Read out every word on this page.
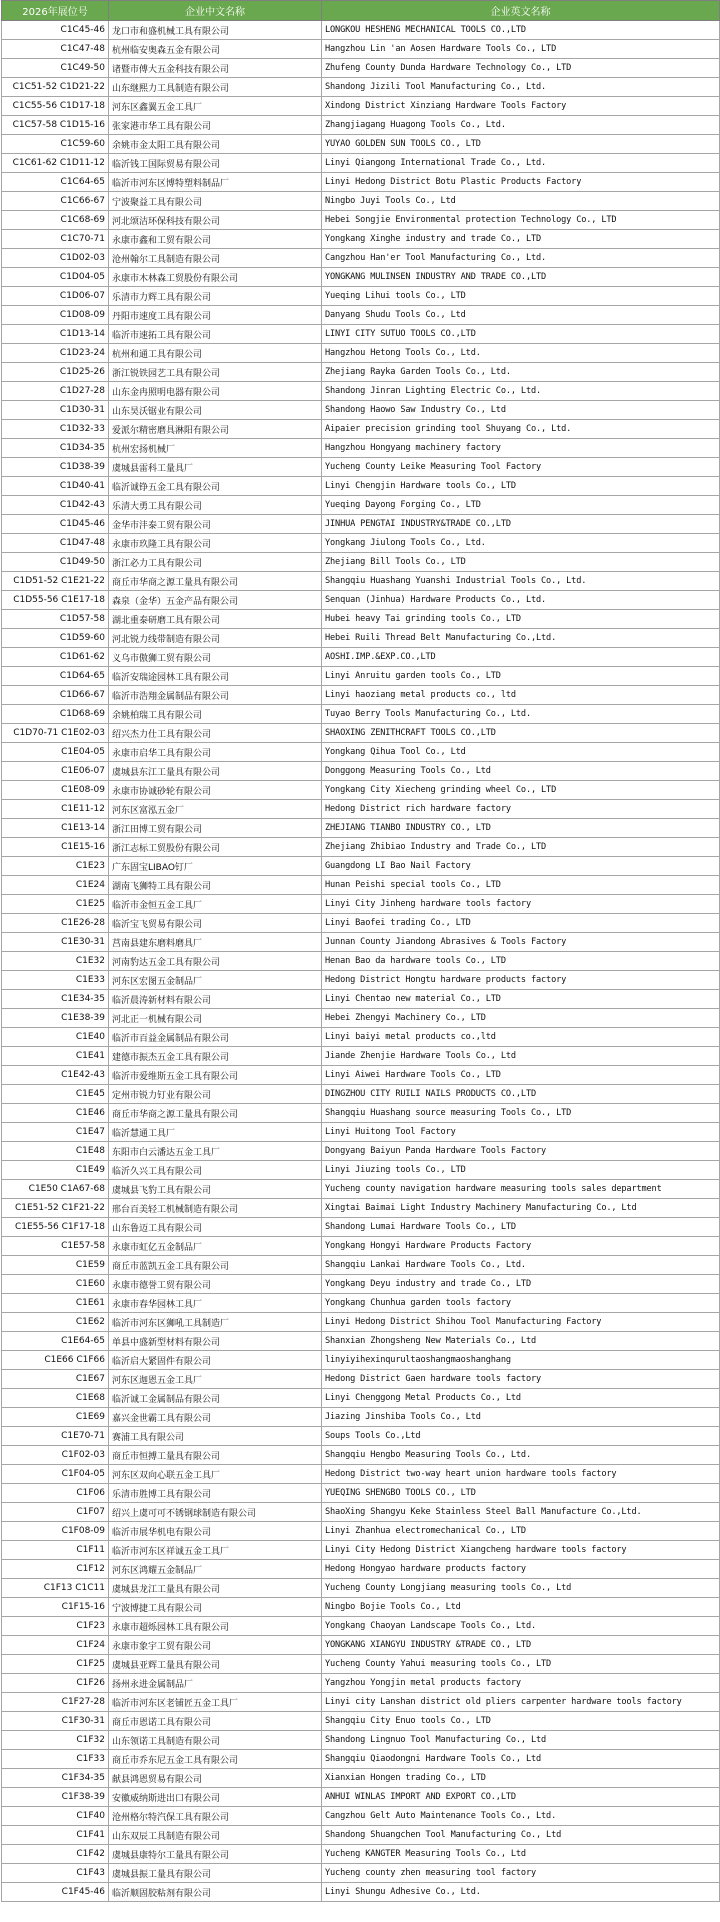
2026年展位号	企业中文名称	企业英文名称
C1C45-46	龙口市和盛机械工具有限公司	LONGKOU HESHENG MECHANICAL TOOLS CO.,LTD
C1C47-48	杭州临安奥森五金有限公司	Hangzhou Lin 'an Aosen Hardware Tools Co., LTD
C1C49-50	诸暨市傅大五金科技有限公司	Zhufeng County Dunda Hardware Technology Co., LTD
C1C51-52 C1D21-22	山东继熙力工具制造有限公司	Shandong Jizili Tool Manufacturing Co., Ltd.
C1C55-56 C1D17-18	河东区鑫翼五金工具厂	Xindong District Xinziang Hardware Tools Factory
C1C57-58 C1D15-16	张家港市华工具有限公司	Zhangjiagang Huagong Tools Co., Ltd.
C1C59-60	余姚市金太阳工具有限公司	YUYAO GOLDEN SUN TOOLS CO., LTD
C1C61-62 C1D11-12	临沂钱工国际贸易有限公司	Linyi Qiangong International Trade Co., Ltd.
C1C64-65	临沂市河东区博特塑料制品厂	Linyi Hedong District Botu Plastic Products Factory
C1C66-67	宁波聚益工具有限公司	Ningbo Juyi Tools Co., Ltd
C1C68-69	河北颂洁环保科技有限公司	Hebei Songjie Environmental protection Technology Co., LTD
C1C70-71	永康市鑫和工贸有限公司	Yongkang Xinghe industry and trade Co., LTD
C1D02-03	沧州翰尔工具制造有限公司	Cangzhou Han'er Tool Manufacturing Co., Ltd.
C1D04-05	永康市木林森工贸股份有限公司	YONGKANG MULINSEN INDUSTRY AND TRADE CO.,LTD
C1D06-07	乐清市力辉工具有限公司	Yueqing Lihui tools Co., LTD
C1D08-09	丹阳市速度工具有限公司	Danyang Shudu Tools Co., Ltd
C1D13-14	临沂市速拓工具有限公司	LINYI CITY SUTUO TOOLS CO.,LTD
C1D23-24	杭州和通工具有限公司	Hangzhou Hetong Tools Co., Ltd.
C1D25-26	浙江锐铁园艺工具有限公司	Zhejiang Rayka Garden Tools Co., Ltd.
C1D27-28	山东金冉照明电器有限公司	Shandong Jinran Lighting Electric Co., Ltd.
C1D30-31	山东昊沃锯业有限公司	Shandong Haowo Saw Industry Co., Ltd
C1D32-33	爱派尔精密磨具淋阳有限公司	Aipaier precision grinding tool Shuyang Co., Ltd.
C1D34-35	杭州宏扬机械厂	Hangzhou Hongyang machinery factory
C1D38-39	虞城县雷科工量具厂	Yucheng County Leike Measuring Tool Factory
C1D40-41	临沂诚铮五金工具有限公司	Linyi Chengjin Hardware tools Co., LTD
C1D42-43	乐清大勇工具有限公司	Yueqing Dayong Forging Co., LTD
C1D45-46	金华市沣泰工贸有限公司	JINHUA PENGTAI INDUSTRY&TRADE CO.,LTD
C1D47-48	永康市玖隆工具有限公司	Yongkang Jiulong Tools Co., Ltd.
C1D49-50	浙江必力工具有限公司	Zhejiang Bill Tools Co., LTD
C1D51-52 C1E21-22	商丘市华商之源工量具有限公司	Shangqiu Huashang Yuanshi Industrial Tools Co., Ltd.
C1D55-56 C1E17-18	森泉（金华）五金产品有限公司	Senquan (Jinhua) Hardware Products Co., Ltd.
C1D57-58	湖北重泰研磨工具有限公司	Hubei heavy Tai grinding tools Co., LTD
C1D59-60	河北锐力线带制造有限公司	Hebei Ruili Thread Belt Manufacturing Co.,Ltd.
C1D61-62	义乌市傲狮工贸有限公司	AOSHI.IMP.&EXP.CO.,LTD
C1D64-65	临沂安瑞途园林工具有限公司	Linyi Anruitu garden tools Co., LTD
C1D66-67	临沂市浩翔金属制品有限公司	Linyi haoziang metal products co., ltd
C1D68-69	余姚柏瑞工具有限公司	Tuyao Berry Tools Manufacturing Co., Ltd.
C1D70-71 C1E02-03	绍兴杰力仕工具有限公司	SHAOXING ZENITHCRAFT TOOLS CO.,LTD
C1E04-05	永康市启华工具有限公司	Yongkang Qihua Tool Co., Ltd
C1E06-07	虞城县东江工量具有限公司	Donggong Measuring Tools Co., Ltd
C1E08-09	永康市协诚砂轮有限公司	Yongkang City Xiecheng grinding wheel Co., LTD
C1E11-12	河东区富泓五金厂	Hedong District rich hardware factory
C1E13-14	浙江田博工贸有限公司	ZHEJIANG TIANBO INDUSTRY CO., LTD
C1E15-16	浙江志标工贸股份有限公司	Zhejiang Zhibiao Industry and Trade Co., LTD
C1E23	广东固宝LIBAO钉厂	Guangdong LI Bao Nail Factory
C1E24	湖南飞狮特工具有限公司	Hunan Peishi special tools Co., LTD
C1E25	临沂市金恒五金工具厂	Linyi City Jinheng hardware tools factory
C1E26-28	临沂宝飞贸易有限公司	Linyi Baofei trading Co., LTD
C1E30-31	莒南县建东磨料磨具厂	Junnan County Jiandong Abrasives & Tools Factory
C1E32	河南豹达五金工具有限公司	Henan Bao da hardware tools Co., LTD
C1E33	河东区宏图五金制品厂	Hedong District Hongtu hardware products factory
C1E34-35	临沂晨涛新材料有限公司	Linyi Chentao new material Co., LTD
C1E38-39	河北正一机械有限公司	Hebei Zhengyi Machinery Co., LTD
C1E40	临沂市百益金属制品有限公司	Linyi baiyi metal products co.,ltd
C1E41	建德市振杰五金工具有限公司	Jiande Zhenjie Hardware Tools Co., Ltd
C1E42-43	临沂市爱维斯五金工具有限公司	Linyi Aiwei Hardware Tools Co., LTD
C1E45	定州市锐力钉业有限公司	DINGZHOU CITY RUILI NAILS PRODUCTS CO.,LTD
C1E46	商丘市华商之源工量具有限公司	Shangqiu Huashang source measuring Tools Co., LTD
C1E47	临沂慧通工具厂	Linyi Huitong Tool Factory
C1E48	东阳市白云潘达五金工具厂	Dongyang Baiyun Panda Hardware Tools Factory
C1E49	临沂久兴工具有限公司	Linyi Jiuzing tools Co., LTD
C1E50 C1A67-68	虞城县飞豹工具有限公司	Yucheng county navigation hardware measuring tools sales department
C1E51-52 C1F21-22	邢台百美轻工机械制造有限公司	Xingtai Baimai Light Industry Machinery Manufacturing Co., Ltd
C1E55-56 C1F17-18	山东鲁迈工具有限公司	Shandong Lumai Hardware Tools Co., LTD
C1E57-58	永康市虹亿五金制品厂	Yongkang Hongyi Hardware Products Factory
C1E59	商丘市蓝凯五金工具有限公司	Shangqiu Lankai Hardware Tools Co., Ltd.
C1E60	永康市德誉工贸有限公司	Yongkang Deyu industry and trade Co., LTD
C1E61	永康市春华园林工具厂	Yongkang Chunhua garden tools factory
C1E62	临沂市河东区狮吼工具制造厂	Linyi Hedong District Shihou Tool Manufacturing Factory
C1E64-65	单县中盛新型材料有限公司	Shanxian Zhongsheng New Materials Co., Ltd
C1E66 C1F66	临沂启大紧固件有限公司	linyiyihexinqurultaoshangmaoshanghang
C1E67	河东区迦恩五金工具厂	Hedong District Gaen hardware tools factory
C1E68	临沂诚工金属制品有限公司	Linyi Chenggong Metal Products Co., Ltd
C1E69	嘉兴金世霸工具有限公司	Jiazing Jinshiba Tools Co., Ltd
C1E70-71	赛浦工具有限公司	Soups Tools Co.,Ltd
C1F02-03	商丘市恒搏工量具有限公司	Shangqiu Hengbo Measuring Tools Co., Ltd.
C1F04-05	河东区双向心联五金工具厂	Hedong District two-way heart union hardware tools factory
C1F06	乐清市胜博工具有限公司	YUEQING SHENGBO TOOLS CO., LTD
C1F07	绍兴上虞可可不锈钢球制造有限公司	ShaoXing Shangyu Keke Stainless Steel Ball Manufacture Co.,Ltd.
C1F08-09	临沂市展华机电有限公司	Linyi Zhanhua electromechanical Co., LTD
C1F11	临沂市河东区祥诚五金工具厂	Linyi City Hedong District Xiangcheng hardware tools factory
C1F12	河东区鸿耀五金制品厂	Hedong Hongyao hardware products factory
C1F13 C1C11	虞城县龙江工量具有限公司	Yucheng County Longjiang measuring tools Co., Ltd
C1F15-16	宁波博捷工具有限公司	Ningbo Bojie Tools Co., Ltd
C1F23	永康市超烁园林工具有限公司	Yongkang Chaoyan Landscape Tools Co., Ltd.
C1F24	永康市象宇工贸有限公司	YONGKANG XIANGYU INDUSTRY &TRADE CO., LTD
C1F25	虞城县亚辉工量具有限公司	Yucheng County Yahui measuring tools Co., LTD
C1F26	扬州永进金属制品厂	Yangzhou Yongjin metal products factory
C1F27-28	临沂市河东区老铺匠五金工具厂	Linyi city Lanshan district old pliers carpenter hardware tools factory
C1F30-31	商丘市恩诺工具有限公司	Shangqiu City Enuo tools Co., LTD
C1F32	山东领诺工具制造有限公司	Shandong Lingnuo Tool Manufacturing Co., Ltd
C1F33	商丘市乔东尼五金工具有限公司	Shangqiu Qiaodongni Hardware Tools Co., Ltd
C1F34-35	献县鸿恩贸易有限公司	Xianxian Hongen trading Co., LTD
C1F38-39	安徽威纳斯进出口有限公司	ANHUI WINLAS IMPORT AND EXPORT CO.,LTD
C1F40	沧州格尔特汽保工具有限公司	Cangzhou Gelt Auto Maintenance Tools Co., Ltd.
C1F41	山东双辰工具制造有限公司	Shandong Shuangchen Tool Manufacturing Co., Ltd
C1F42	虞城县康特尔工量具有限公司	Yucheng KANGTER Measuring Tools Co., Ltd
C1F43	虞城县振工量具有限公司	Yucheng county zhen measuring tool factory
C1F45-46	临沂顺固胶粘剂有限公司	Linyi Shungu Adhesive Co., Ltd.
